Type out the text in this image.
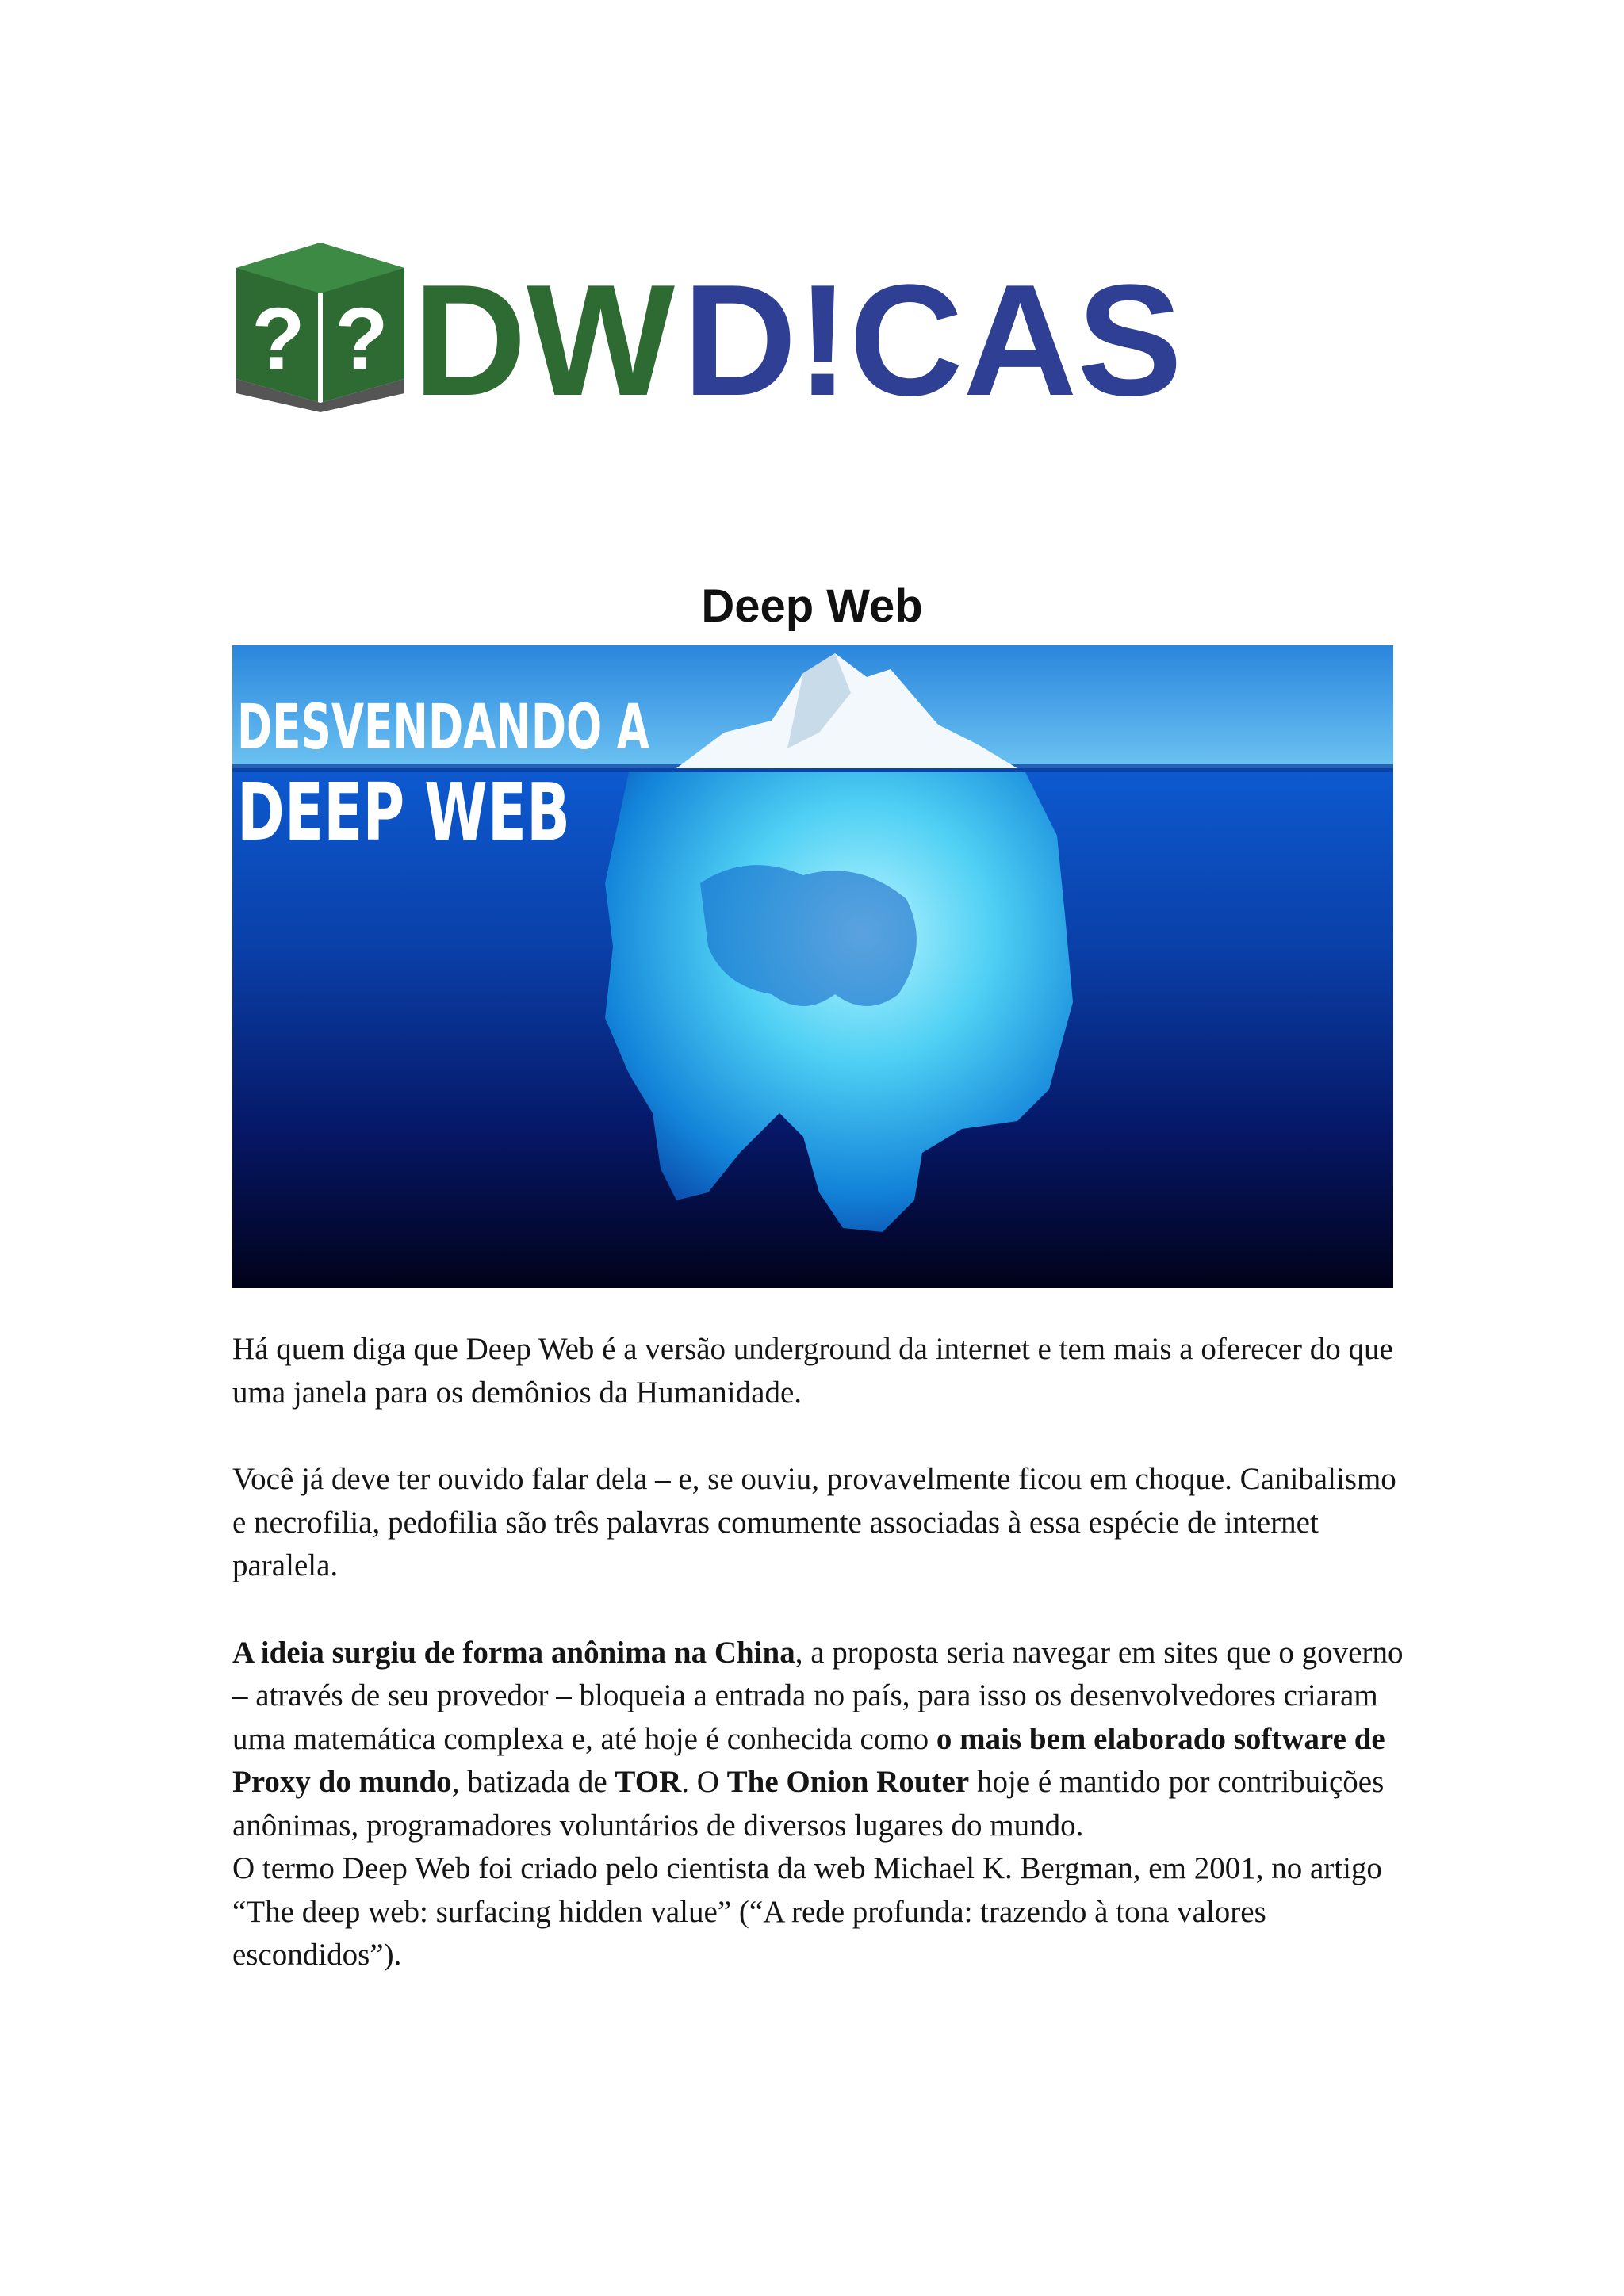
? ? DW D!CAS
Deep Web
DESVENDANDO A
DEEP WEB

Há quem diga que Deep Web é a versão underground da internet e tem mais a oferecer do que uma janela para os demônios da Humanidade.

Você já deve ter ouvido falar dela – e, se ouviu, provavelmente ficou em choque. Canibalismo e necrofilia, pedofilia são três palavras comumente associadas à essa espécie de internet paralela.

A ideia surgiu de forma anônima na China, a proposta seria navegar em sites que o governo – através de seu provedor – bloqueia a entrada no país, para isso os desenvolvedores criaram uma matemática complexa e, até hoje é conhecida como o mais bem elaborado software de Proxy do mundo, batizada de TOR. O The Onion Router hoje é mantido por contribuições anônimas, programadores voluntários de diversos lugares do mundo.

O termo Deep Web foi criado pelo cientista da web Michael K. Bergman, em 2001, no artigo “The deep web: surfacing hidden value” (“A rede profunda: trazendo à tona valores escondidos”).
